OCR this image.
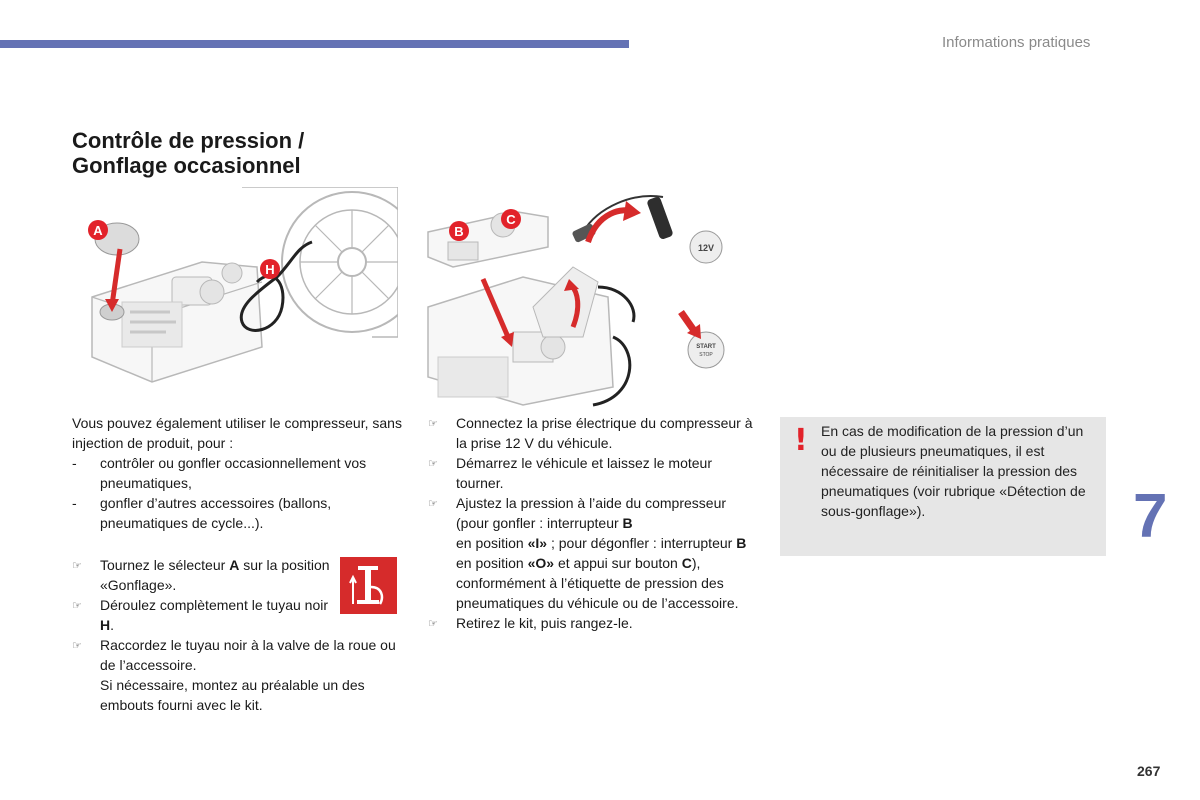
Informations pratiques
Contrôle de pression /
Gonflage occasionnel
A
H
12V
START
STOP
B
C

Vous pouvez également utiliser le compresseur, sans injection de produit, pour :

- contrôler ou gonfler occasionnellement vos pneumatiques,
- gonfler d’autres accessoires (ballons, pneumatiques de cycle...).
☞ Tournez le sélecteur A sur la position «Gonflage».
☞ Déroulez complètement le tuyau noir H.
☞ Raccordez le tuyau noir à la valve de la roue ou de l’accessoire.
Si nécessaire, montez au préalable un des embouts fourni avec le kit.
☞ Connectez la prise électrique du compresseur à la prise 12 V du véhicule.
☞ Démarrez le véhicule et laissez le moteur tourner.
☞ Ajustez la pression à l’aide du compresseur (pour gonfler : interrupteur B
en position «I» ; pour dégonfler : interrupteur B en position «O» et appui sur bouton C), conformément à l’étiquette de pression des pneumatiques du véhicule ou de l’accessoire.
☞ Retirez le kit, puis rangez-le.
! En cas de modification de la pression d’un ou de plusieurs pneumatiques, il est nécessaire de réinitialiser la pression des pneumatiques (voir rubrique «Détection de sous-gonflage»).	7
267
